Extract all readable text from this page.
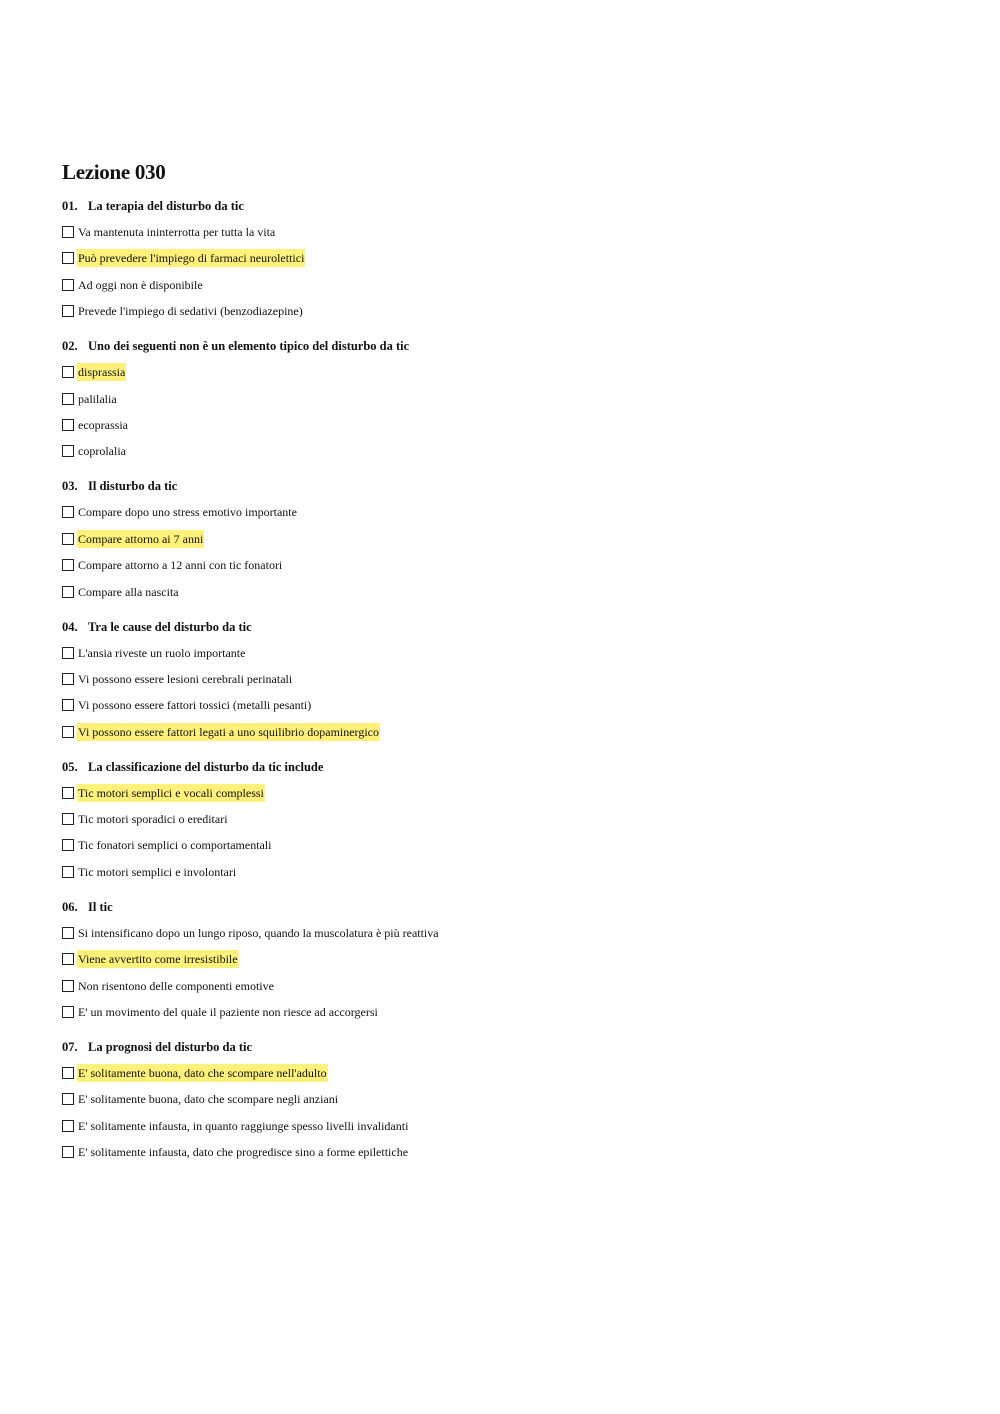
Lezione 030
01. La terapia del disturbo da tic
Va mantenuta ininterrotta per tutta la vita
Può prevedere l'impiego di farmaci neurolettici
Ad oggi non è disponibile
Prevede l'impiego di sedativi (benzodiazepine)
02. Uno dei seguenti non è un elemento tipico del disturbo da tic
disprassia
palilalia
ecoprassia
coprolalia
03. Il disturbo da tic
Compare dopo uno stress emotivo importante
Compare attorno ai 7 anni
Compare attorno a 12 anni con tic fonatori
Compare alla nascita
04. Tra le cause del disturbo da tic
L'ansia riveste un ruolo importante
Vi possono essere lesioni cerebrali perinatali
Vi possono essere fattori tossici (metalli pesanti)
Vi possono essere fattori legati a uno squilibrio dopaminergico
05. La classificazione del disturbo da tic include
Tic motori semplici e vocali complessi
Tic motori sporadici o ereditari
Tic fonatori semplici o comportamentali
Tic motori semplici e involontari
06. Il tic
Si intensificano dopo un lungo riposo, quando la muscolatura è più reattiva
Viene avvertito come irresistibile
Non risentono delle componenti emotive
E' un movimento del quale il paziente non riesce ad accorgersi
07. La prognosi del disturbo da tic
E' solitamente buona, dato che scompare nell'adulto
E' solitamente buona, dato che scompare negli anziani
E' solitamente infausta, in quanto raggiunge spesso livelli invalidanti
E' solitamente infausta, dato che progredisce sino a forme epilettiche
